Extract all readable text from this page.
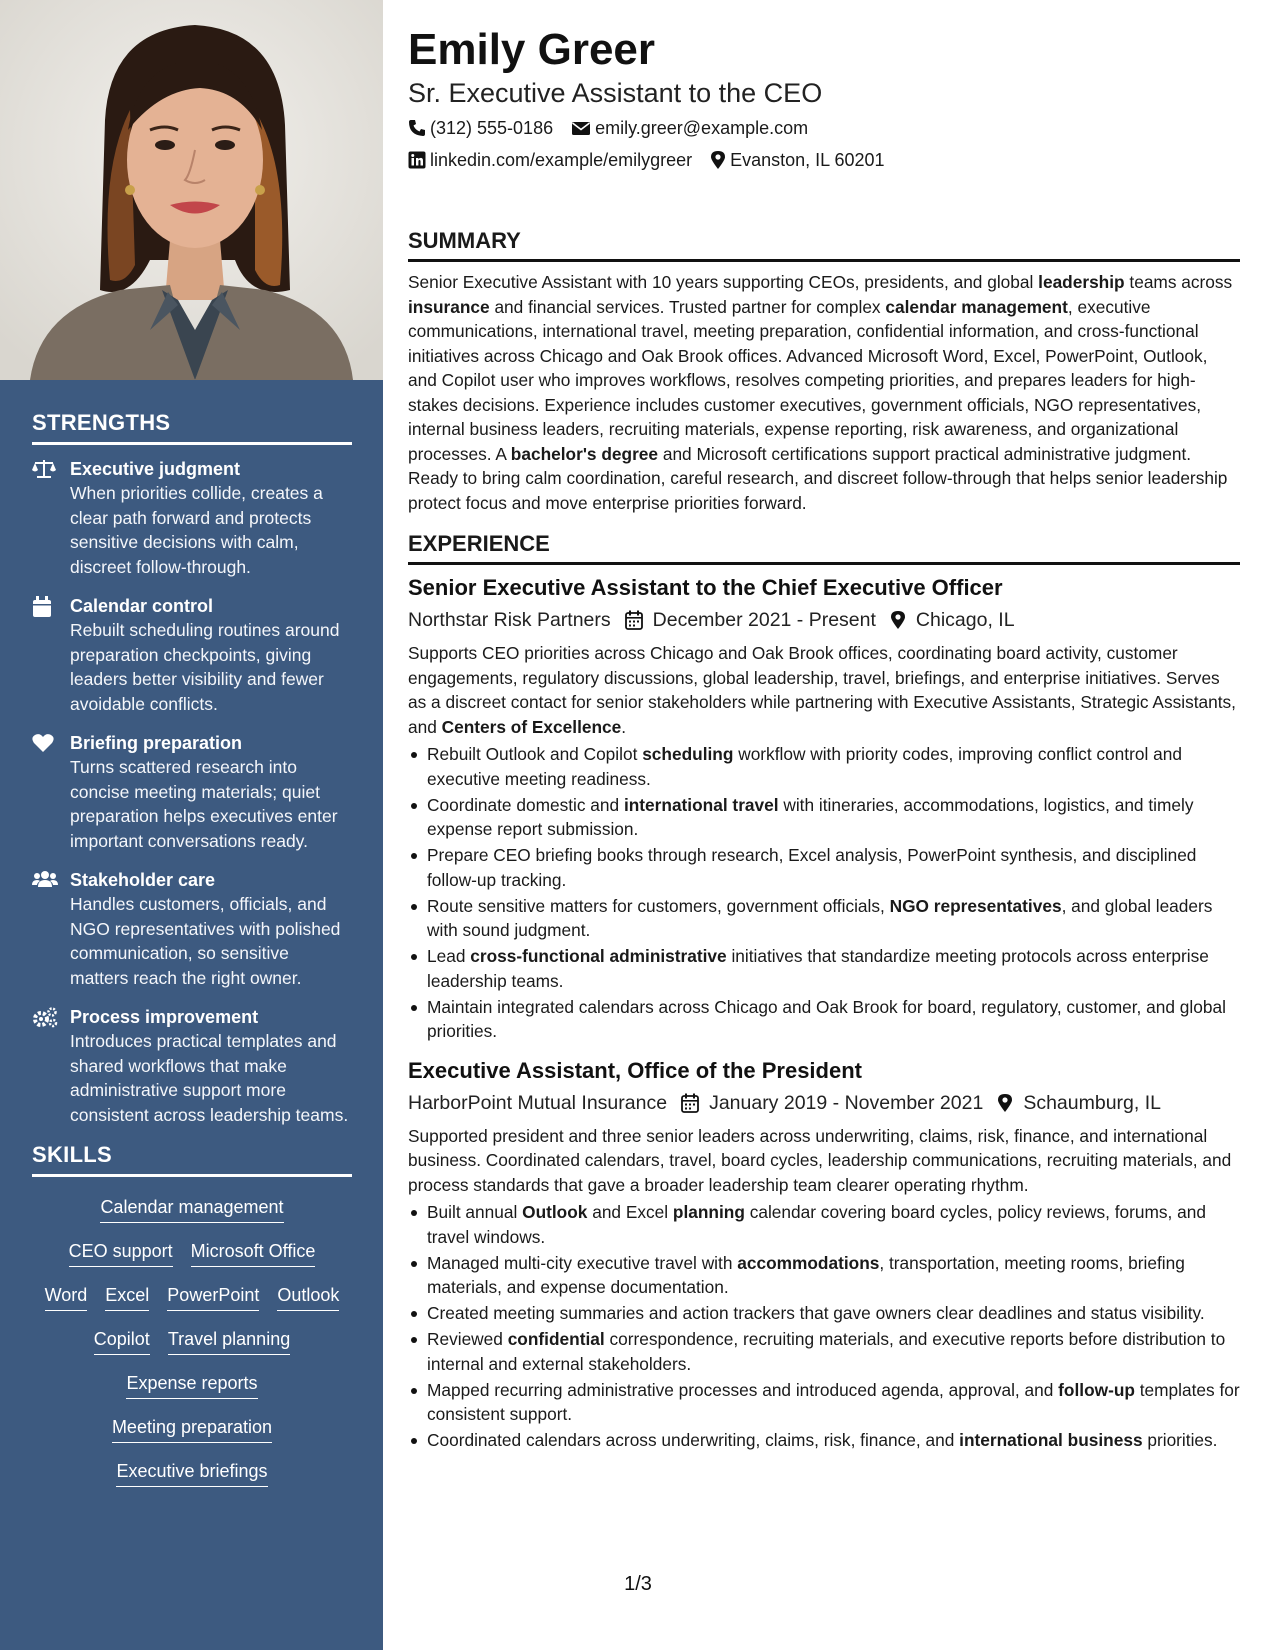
STRENGTHS
Executive judgment
When priorities collide, creates a clear path forward and protects sensitive decisions with calm, discreet follow-through.
Calendar control
Rebuilt scheduling routines around preparation checkpoints, giving leaders better visibility and fewer avoidable conflicts.
Briefing preparation
Turns scattered research into concise meeting materials; quiet preparation helps executives enter important conversations ready.
Stakeholder care
Handles customers, officials, and NGO representatives with polished communication, so sensitive matters reach the right owner.
Process improvement
Introduces practical templates and shared workflows that make administrative support more consistent across leadership teams.
SKILLS
Calendar management
CEO support Microsoft Office
Word Excel PowerPoint Outlook
Copilot Travel planning
Expense reports
Meeting preparation
Executive briefings
Emily Greer
Sr. Executive Assistant to the CEO
(312) 555-0186 emily.greer@example.com
linkedin.com/example/emilygreer Evanston, IL 60201
SUMMARY
Senior Executive Assistant with 10 years supporting CEOs, presidents, and global leadership teams across insurance and financial services. Trusted partner for complex calendar management, executive communications, international travel, meeting preparation, confidential information, and cross-functional initiatives across Chicago and Oak Brook offices. Advanced Microsoft Word, Excel, PowerPoint, Outlook, and Copilot user who improves workflows, resolves competing priorities, and prepares leaders for high-stakes decisions. Experience includes customer executives, government officials, NGO representatives, internal business leaders, recruiting materials, expense reporting, risk awareness, and organizational processes. A bachelor's degree and Microsoft certifications support practical administrative judgment. Ready to bring calm coordination, careful research, and discreet follow-through that helps senior leadership protect focus and move enterprise priorities forward.
EXPERIENCE
Senior Executive Assistant to the Chief Executive Officer
Northstar Risk Partners December 2021 - Present Chicago, IL
Supports CEO priorities across Chicago and Oak Brook offices, coordinating board activity, customer engagements, regulatory discussions, global leadership, travel, briefings, and enterprise initiatives. Serves as a discreet contact for senior stakeholders while partnering with Executive Assistants, Strategic Assistants, and Centers of Excellence.
Rebuilt Outlook and Copilot scheduling workflow with priority codes, improving conflict control and executive meeting readiness.
Coordinate domestic and international travel with itineraries, accommodations, logistics, and timely expense report submission.
Prepare CEO briefing books through research, Excel analysis, PowerPoint synthesis, and disciplined follow-up tracking.
Route sensitive matters for customers, government officials, NGO representatives, and global leaders with sound judgment.
Lead cross-functional administrative initiatives that standardize meeting protocols across enterprise leadership teams.
Maintain integrated calendars across Chicago and Oak Brook for board, regulatory, customer, and global priorities.
Executive Assistant, Office of the President
HarborPoint Mutual Insurance January 2019 - November 2021 Schaumburg, IL
Supported president and three senior leaders across underwriting, claims, risk, finance, and international business. Coordinated calendars, travel, board cycles, leadership communications, recruiting materials, and process standards that gave a broader leadership team clearer operating rhythm.
Built annual Outlook and Excel planning calendar covering board cycles, policy reviews, forums, and travel windows.
Managed multi-city executive travel with accommodations, transportation, meeting rooms, briefing materials, and expense documentation.
Created meeting summaries and action trackers that gave owners clear deadlines and status visibility.
Reviewed confidential correspondence, recruiting materials, and executive reports before distribution to internal and external stakeholders.
Mapped recurring administrative processes and introduced agenda, approval, and follow-up templates for consistent support.
Coordinated calendars across underwriting, claims, risk, finance, and international business priorities.
1/3
